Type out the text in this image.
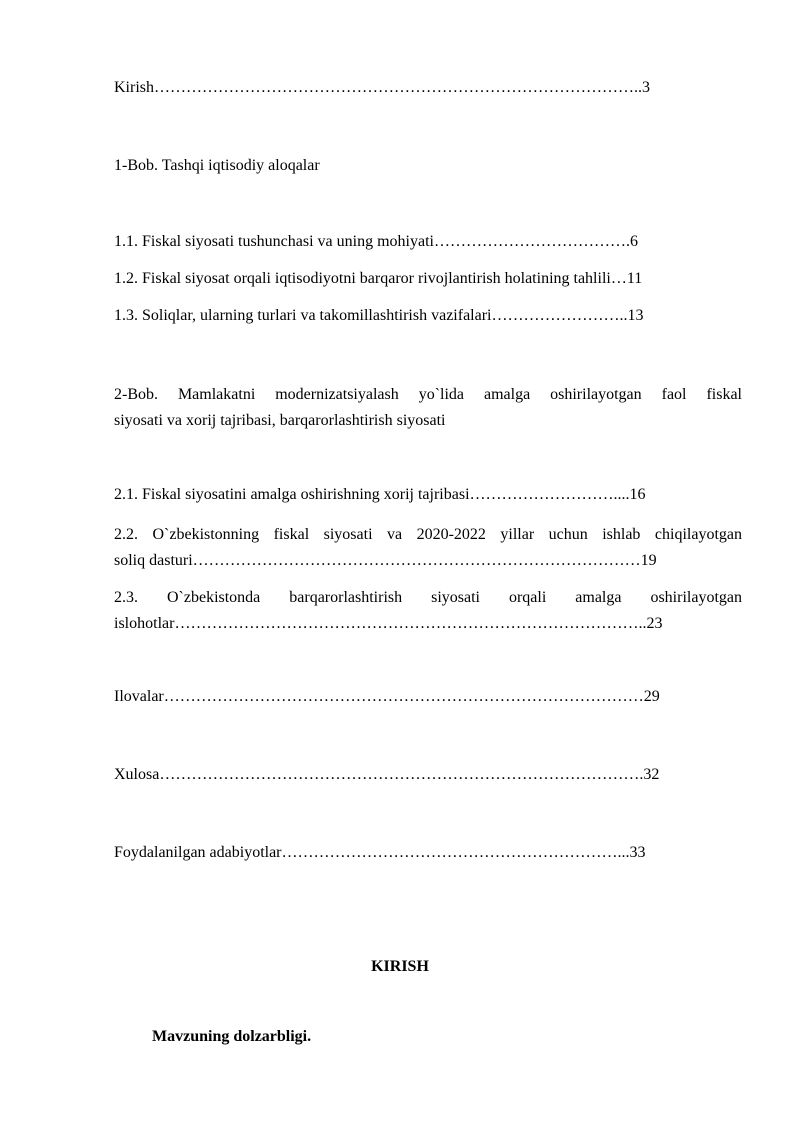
Kirish………………………………………………………………………………..3
1-Bob. Tashqi iqtisodiy aloqalar
1.1. Fiskal siyosati tushunchasi va uning mohiyati……………………………….6
1.2. Fiskal siyosat orqali iqtisodiyotni barqaror rivojlantirish holatining tahlili…11
1.3. Soliqlar, ularning turlari va takomillashtirish vazifalari……………………..13
2-Bob. Mamlakatni modernizatsiyalash yo`lida amalga oshirilayotgan faol fiskal
siyosati va xorij tajribasi, barqarorlashtirish siyosati
2.1. Fiskal siyosatini amalga oshirishning xorij tajribasi………………………....16
2.2. O`zbekistonning fiskal siyosati va 2020-2022 yillar uchun ishlab chiqilayotgan
soliq dasturi…………………………………………………………………………19
2.3. O`zbekistonda barqarorlashtirish siyosati orqali amalga oshirilayotgan
islohotlar……………………………………………………………………………..23
Ilovalar………………………………………………………………………………29
Xulosa……………………………………………………………………………….32
Foydalanilgan adabiyotlar………………………………………………………...33
KIRISH
Mavzuning dolzarbligi.
